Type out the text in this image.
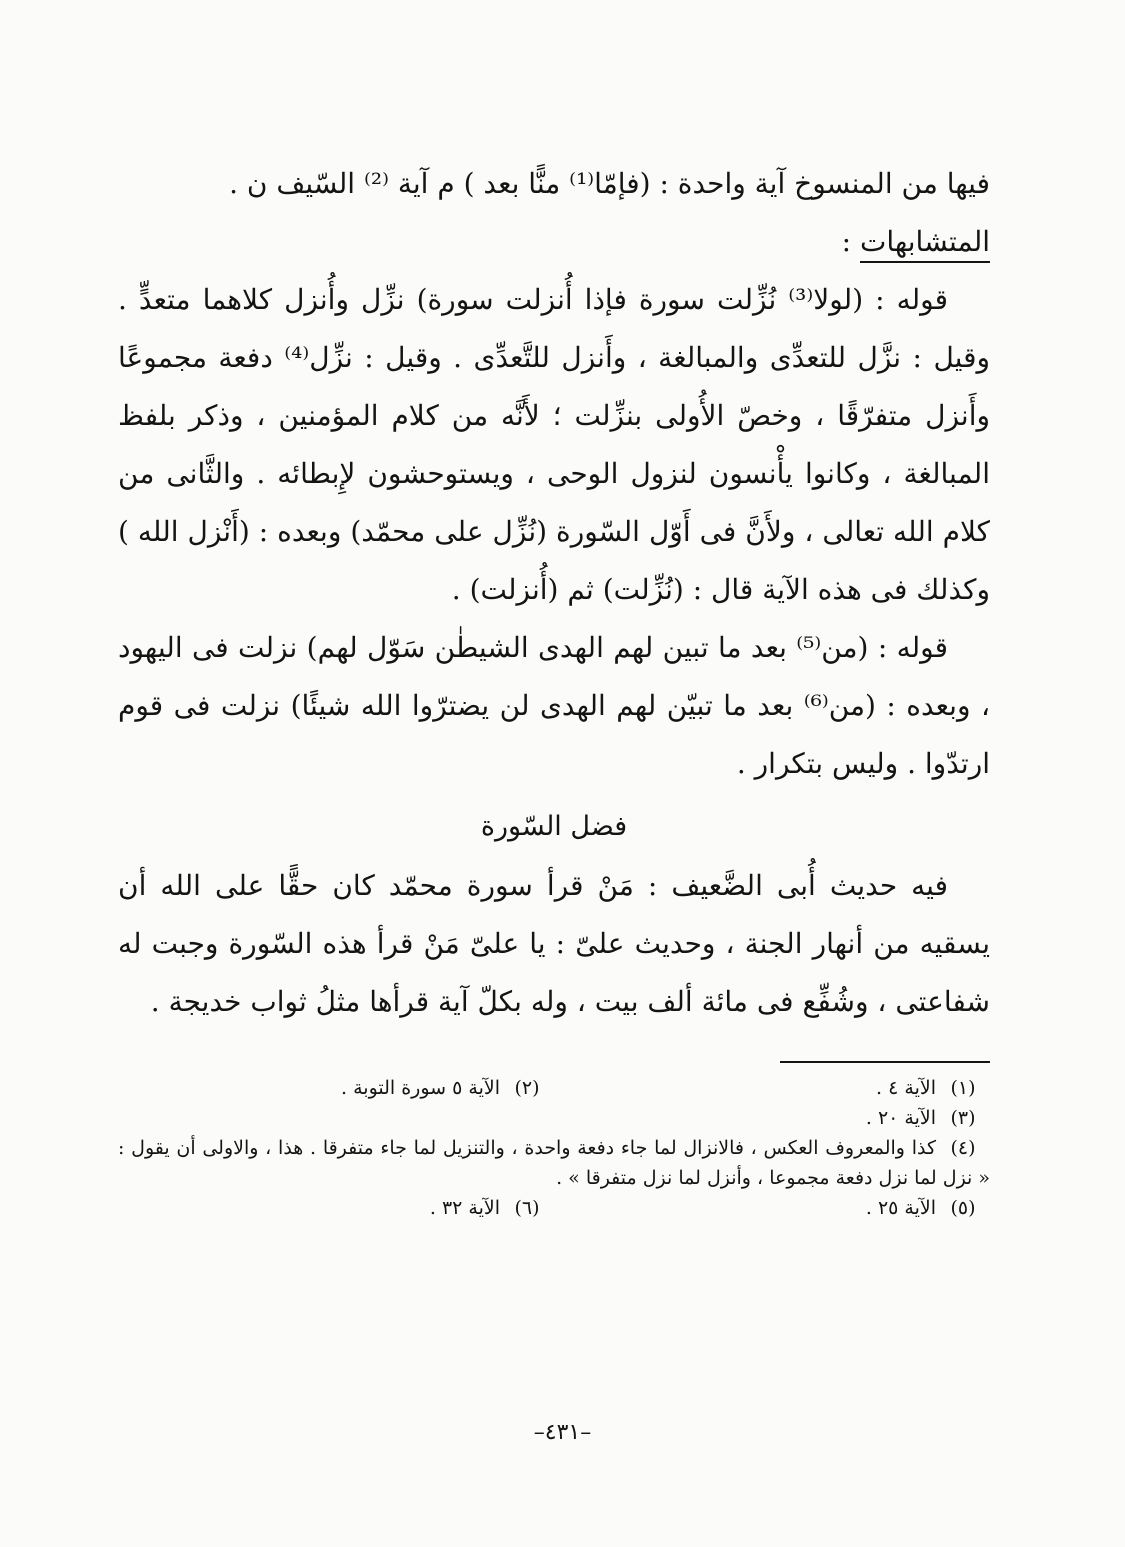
فيها من المنسوخ آية واحدة : (فإمّا⁽¹⁾ منًّا بعد ) م آية ⁽²⁾ السّيف ن .

المتشابهات :

قوله : (لولا⁽³⁾ نُزِّلت سورة فإذا أُنزلت سورة) نزِّل وأُنزل كلاهما متعدٍّ . وقيل : نزَّل للتعدِّى والمبالغة ، وأَنزل للتَّعدِّى . وقيل : نزِّل⁽⁴⁾ دفعة مجموعًا وأَنزل متفرّقًا ، وخصّ الأُولى بنزِّلت ؛ لأَنَّه من كلام المؤمنين ، وذكر بلفظ المبالغة ، وكانوا يأْنسون لنزول الوحى ، ويستوحشون لإِبطائه . والثَّانى من كلام الله تعالى ، ولأَنَّ فى أَوّل السّورة (نُزِّل على محمّد) وبعده : (أَنْزل الله ) وكذلك فى هذه الآية قال : (نُزِّلت) ثم (أُنزلت) .

قوله : (من⁽⁵⁾ بعد ما تبين لهم الهدى الشيطٰن سَوّل لهم) نزلت فى اليهود ، وبعده : (من⁽⁶⁾ بعد ما تبيّن لهم الهدى لن يضترّوا الله شيئًا) نزلت فى قوم ارتدّوا . وليس بتكرار .

فضل السّورة

فيه حديث أُبى الضَّعيف : مَنْ قرأ سورة محمّد كان حقًّا على الله أن يسقيه من أنهار الجنة ، وحديث علىّ : يا علىّ مَنْ قرأ هذه السّورة وجبت له شفاعتى ، وشُفِّع فى مائة ألف بيت ، وله بكلّ آية قرأها مثلُ ثواب خديجة .

(١)الآية ٤ .
(٢)الآية ٥ سورة التوبة .
(٣)الآية ٢٠ .

(٤)كذا والمعروف العكس ، فالانزال لما جاء دفعة واحدة ، والتنزيل لما جاء متفرقا . هذا ، والاولى أن يقول : « نزل لما نزل دفعة مجموعا ، وأنزل لما نزل متفرقا » .

(٥)الآية ٢٥ .
(٦)الآية ٣٢ .
–٤٣١–
